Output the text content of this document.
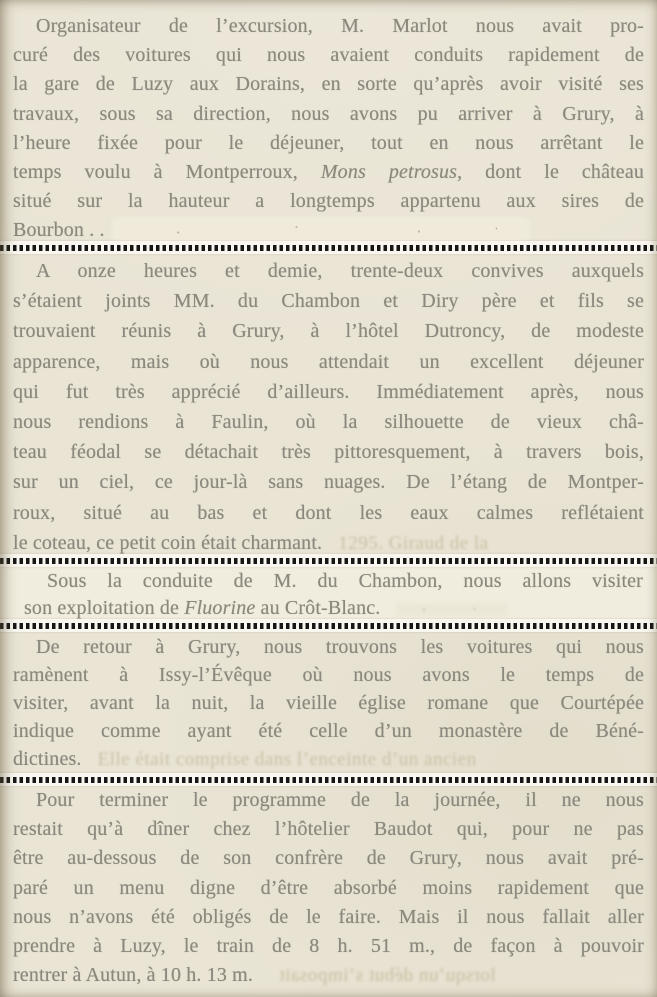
Organisateur de l’excursion, M. Marlot nous avait pro-
curé des voitures qui nous avaient conduits rapidement de
la gare de Luzy aux Dorains, en sorte qu’après avoir visité ses
travaux, sous sa direction, nous avons pu arriver à Grury, à
l’heure fixée pour le déjeuner, tout en nous arrêtant le
temps voulu à Montperroux, Mons petrosus, dont le château
situé sur la hauteur a longtemps appartenu aux sires de
Bourbon . .
A onze heures et demie, trente-deux convives auxquels
s’étaient joints MM. du Chambon et Diry père et fils se
trouvaient réunis à Grury, à l’hôtel Dutroncy, de modeste
apparence, mais où nous attendait un excellent déjeuner
qui fut très apprécié d’ailleurs. Immédiatement après, nous
nous rendions à Faulin, où la silhouette de vieux châ-
teau féodal se détachait très pittoresquement, à travers bois,
sur un ciel, ce jour-là sans nuages. De l’étang de Montper-
roux, situé au bas et dont les eaux calmes reflétaient
le coteau, ce petit coin était charmant. 1295. Giraud de la
Sous la conduite de M. du Chambon, nous allons visiter
son exploitation de Fluorine au Crôt-Blanc.
De retour à Grury, nous trouvons les voitures qui nous
ramènent à Issy-l’Évêque où nous avons le temps de
visiter, avant la nuit, la vieille église romane que Courtépée
indique comme ayant été celle d’un monastère de Béné-
dictines. Elle était comprise dans l’enceinte d’un ancien
Pour terminer le programme de la journée, il ne nous
restait qu’à dîner chez l’hôtelier Baudot qui, pour ne pas
être au-dessous de son confrère de Grury, nous avait pré-
paré un menu digne d’être absorbé moins rapidement que
nous n’avons été obligés de le faire. Mais il nous fallait aller
prendre à Luzy, le train de 8 h. 51 m., de façon à pouvoir
rentrer à Autun, à 10 h. 13 m. lorsqu’un début s’imposait
